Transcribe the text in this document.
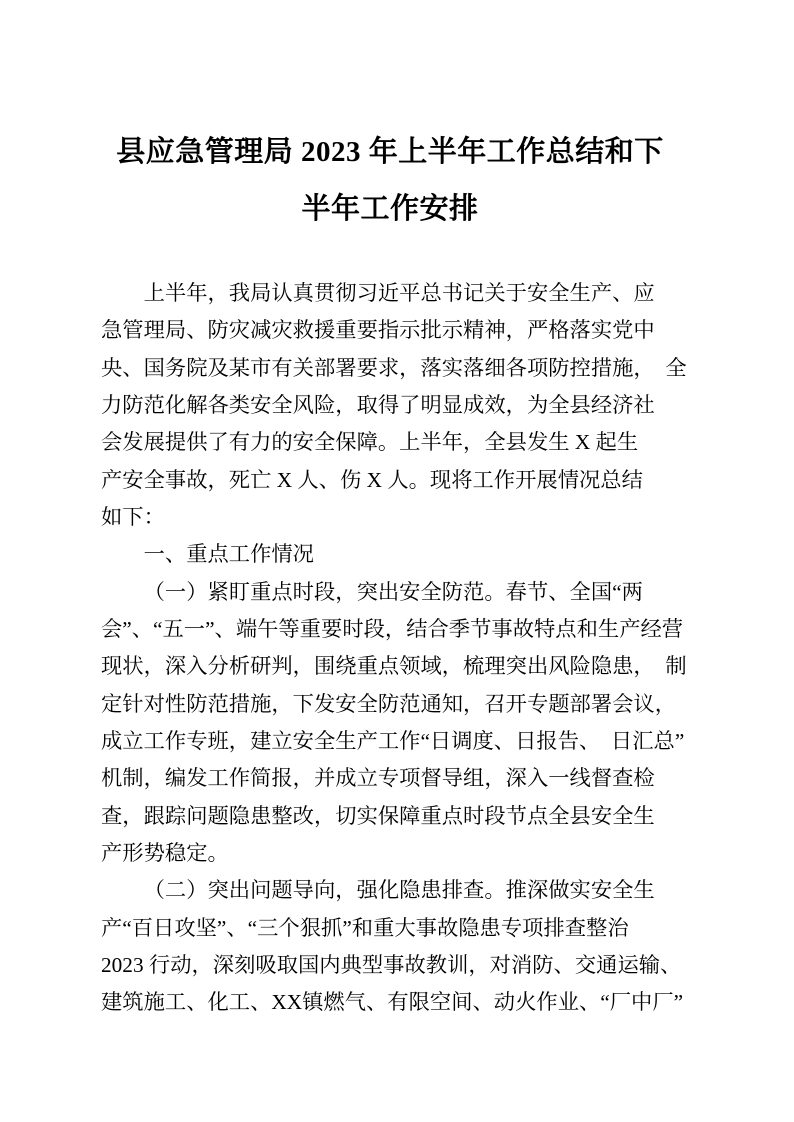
县应急管理局 2023 年上半年工作总结和下
半年工作安排
上半年，我局认真贯彻习近平总书记关于安全生产、应
急管理局、防灾减灾救援重要指示批示精神，严格落实党中
央、国务院及某市有关部署要求，落实落细各项防控措施，　全
力防范化解各类安全风险，取得了明显成效，为全县经济社
会发展提供了有力的安全保障。上半年，全县发生 X 起生
产安全事故，死亡 X 人、伤 X 人。现将工作开展情况总结
如下：
一、重点工作情况
（一）紧盯重点时段，突出安全防范。春节、全国“两
会”、“五一”、端午等重要时段，结合季节事故特点和生产经营
现状，深入分析研判，围绕重点领域，梳理突出风险隐患，　制
定针对性防范措施，下发安全防范通知，召开专题部署会议，
成立工作专班，建立安全生产工作“日调度、日报告、　日汇总”
机制，编发工作简报，并成立专项督导组，深入一线督查检
查，跟踪问题隐患整改，切实保障重点时段节点全县安全生
产形势稳定。
（二）突出问题导向，强化隐患排查。推深做实安全生
产“百日攻坚”、“三个狠抓”和重大事故隐患专项排查整治
2023 行动，深刻吸取国内典型事故教训，对消防、交通运输、
建筑施工、化工、XX镇燃气、有限空间、动火作业、“厂中厂”
